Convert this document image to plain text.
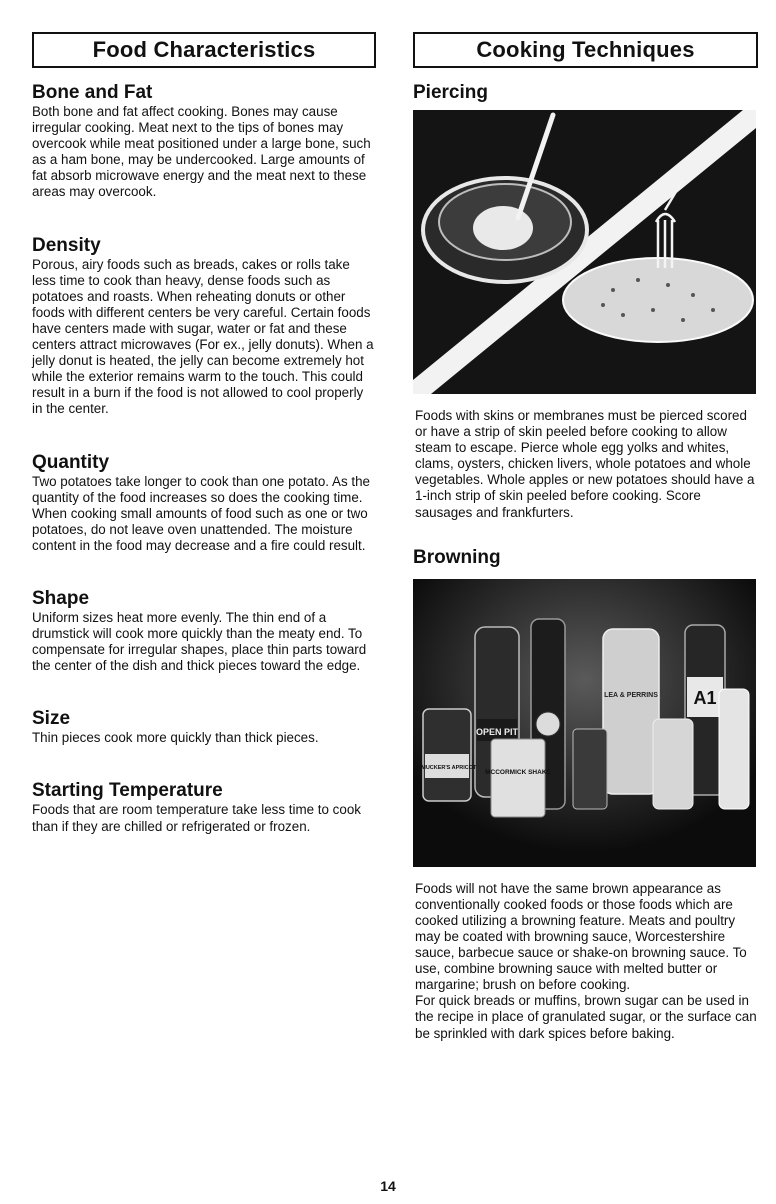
Food Characteristics
Bone and Fat

Both bone and fat affect cooking. Bones may cause irregular cooking. Meat next to the tips of bones may overcook while meat positioned under a large bone, such as a ham bone, may be undercooked. Large amounts of fat absorb microwave energy and the meat next to these areas may overcook.

Density

Porous, airy foods such as breads, cakes or rolls take less time to cook than heavy, dense foods such as potatoes and roasts. When reheating donuts or other foods with different centers be very careful. Certain foods have centers made with sugar, water or fat and these centers attract microwaves (For ex., jelly donuts). When a jelly donut is heated, the jelly can become extremely hot while the exterior remains warm to the touch. This could result in a burn if the food is not allowed to cool properly in the center.

Quantity

Two potatoes take longer to cook than one potato. As the quantity of the food increases so does the cooking time. When cooking small amounts of food such as one or two potatoes, do not leave oven unattended. The moisture content in the food may decrease and a fire could result.

Shape

Uniform sizes heat more evenly. The thin end of a drumstick will cook more quickly than the meaty end. To compensate for irregular shapes, place thin parts toward the center of the dish and thick pieces toward the edge.

Size

Thin pieces cook more quickly than thick pieces.

Starting Temperature

Foods that are room temperature take less time to cook than if they are chilled or refrigerated or frozen.

Cooking Techniques
Piercing

Foods with skins or membranes must be pierced scored or have a strip of skin peeled before cooking to allow steam to escape. Pierce whole egg yolks and whites, clams, oysters, chicken livers, whole potatoes and whole vegetables. Whole apples or new potatoes should have a 1-inch strip of skin peeled before cooking. Score sausages and frankfurters.

Browning
OPEN PIT
LEA & PERRINS A1
MCCORMICK SHAKE
SMUCKER'S APRICOT

Foods will not have the same brown appearance as conventionally cooked foods or those foods which are cooked utilizing a browning feature. Meats and poultry may be coated with browning sauce, Worcestershire sauce, barbecue sauce or shake-on browning sauce. To use, combine browning sauce with melted butter or margarine; brush on before cooking.

For quick breads or muffins, brown sugar can be used in the recipe in place of granulated sugar, or the surface can be sprinkled with dark spices before baking.

14
